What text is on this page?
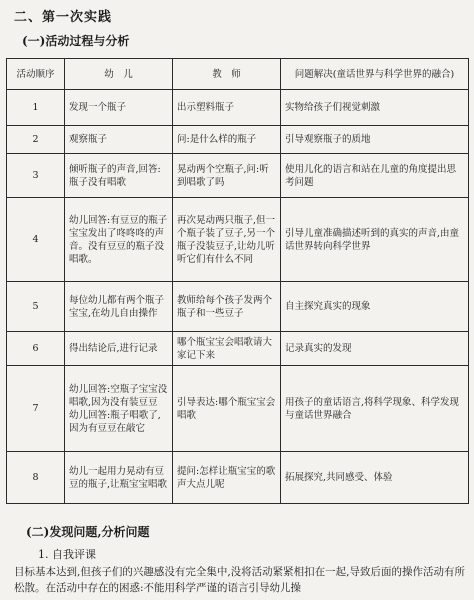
二、第一次实践
(一)活动过程与分析
活动顺序	幼　儿	教　师	问题解决(童话世界与科学世界的融合)
1	发现一个瓶子	出示塑料瓶子	实物给孩子们视觉刺激
2	观察瓶子	问:是什么样的瓶子	引导观察瓶子的质地
3	倾听瓶子的声音,回答:瓶子没有唱歌	晃动两个空瓶子,问:听到唱歌了吗	使用儿化的语言和站在儿童的角度提出思考问题
4	幼儿回答:有豆豆的瓶子宝宝发出了咚咚咚的声音。没有豆豆的瓶子没唱歌。	再次晃动两只瓶子,但一个瓶子装了豆子,另一个瓶子没装豆子,让幼儿听听它们有什么不同	引导儿童准确描述听到的真实的声音,由童话世界转向科学世界
5	每位幼儿都有两个瓶子宝宝,在幼儿自由操作	教师给每个孩子发两个瓶子和一些豆子	自主探究真实的现象
6	得出结论后,进行记录	哪个瓶宝宝会唱歌请大家记下来	记录真实的发现
7	幼儿回答:空瓶子宝宝没唱歌,因为没有装豆豆 幼儿回答:瓶子唱歌了,因为有豆豆在敲它	引导表达:哪个瓶宝宝会唱歌	用孩子的童话语言,将科学现象、科学发现与童话世界融合
8	幼儿一起用力晃动有豆豆的瓶子,让瓶宝宝唱歌	提问:怎样让瓶宝宝的歌声大点儿呢	拓展探究,共同感受、体验
(二)发现问题,分析问题
1. 自我评课
目标基本达到,但孩子们的兴趣感没有完全集中,没将活动紧紧相扣在一起,导致后面的操作活动有所松散。在活动中存在的困惑:不能用科学严谨的语言引导幼儿操
